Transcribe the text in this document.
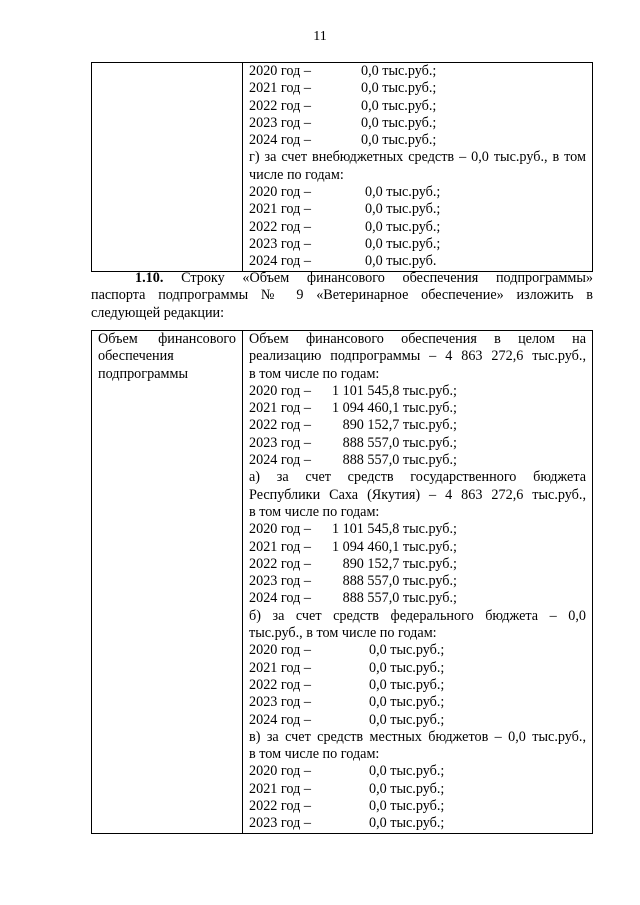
11

2020 год –	0,0 тыс.руб.;
2021 год –	0,0 тыс.руб.;
2022 год –	0,0 тыс.руб.;
2023 год –	0,0 тыс.руб.;
2024 год –	0,0 тыс.руб.;
г) за счет внебюджетных средств – 0,0 тыс.руб., в том
числе по годам:
2020 год –	0,0 тыс.руб.;
2021 год –	0,0 тыс.руб.;
2022 год –	0,0 тыс.руб.;
2023 год –	0,0 тыс.руб.;
2024 год –	0,0 тыс.руб.
1.10. Строку «Объем финансового обеспечения подпрограммы»
паспорта подпрограммы № 9 «Ветеринарное обеспечение» изложить в
следующей редакции:
Объем финансового
обеспечения
подпрограммы

Объем финансового обеспечения в целом на
реализацию подпрограммы – 4 863 272,6 тыс.руб.,
в том числе по годам:
2020 год – 1 101 545,8 тыс.руб.;
2021 год – 1 094 460,1 тыс.руб.;
2022 год – 890 152,7 тыс.руб.;
2023 год – 888 557,0 тыс.руб.;
2024 год – 888 557,0 тыс.руб.;
а) за счет средств государственного бюджета
Республики Саха (Якутия) – 4 863 272,6 тыс.руб.,
в том числе по годам:
2020 год – 1 101 545,8 тыс.руб.;
2021 год – 1 094 460,1 тыс.руб.;
2022 год – 890 152,7 тыс.руб.;
2023 год – 888 557,0 тыс.руб.;
2024 год – 888 557,0 тыс.руб.;
б) за счет средств федерального бюджета – 0,0
тыс.руб., в том числе по годам:
2020 год –	0,0 тыс.руб.;
2021 год –	0,0 тыс.руб.;
2022 год –	0,0 тыс.руб.;
2023 год –	0,0 тыс.руб.;
2024 год –	0,0 тыс.руб.;
в) за счет средств местных бюджетов – 0,0 тыс.руб.,
в том числе по годам:
2020 год –	0,0 тыс.руб.;
2021 год –	0,0 тыс.руб.;
2022 год –	0,0 тыс.руб.;
2023 год –	0,0 тыс.руб.;
